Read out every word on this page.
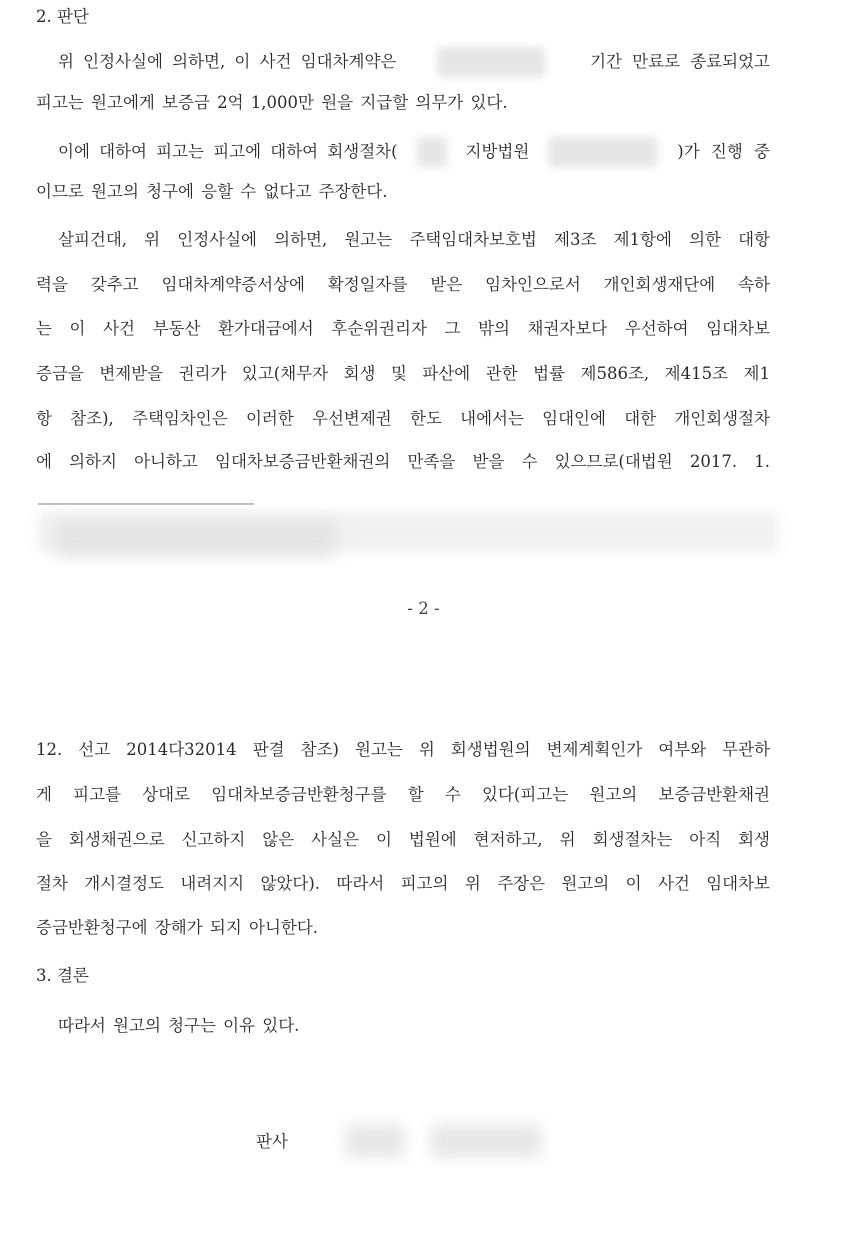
2. 판단
위 인정사실에 의하면, 이 사건 임대차계약은	기간 만료로 종료되었고
피고는 원고에게 보증금 2억 1,000만 원을 지급할 의무가 있다.
이에 대하여 피고는 피고에 대하여 회생절차(	지방법원	)가 진행 중
이므로 원고의 청구에 응할 수 없다고 주장한다.
살피건대, 위 인정사실에 의하면, 원고는 주택임대차보호법 제3조 제1항에 의한 대항
력을 갖추고 임대차계약증서상에 확정일자를 받은 임차인으로서 개인회생재단에 속하
는 이 사건 부동산 환가대금에서 후순위권리자 그 밖의 채권자보다 우선하여 임대차보
증금을 변제받을 권리가 있고(채무자 회생 및 파산에 관한 법률 제586조, 제415조 제1
항 참조), 주택임차인은 이러한 우선변제권 한도 내에서는 임대인에 대한 개인회생절차
에 의하지 아니하고 임대차보증금반환채권의 만족을 받을 수 있으므로(대법원 2017. 1.
- 2 -
12. 선고 2014다32014 판결 참조) 원고는 위 회생법원의 변제계획인가 여부와 무관하
게 피고를 상대로 임대차보증금반환청구를 할 수 있다(피고는 원고의 보증금반환채권
을 회생채권으로 신고하지 않은 사실은 이 법원에 현저하고, 위 회생절차는 아직 회생
절차 개시결정도 내려지지 않았다). 따라서 피고의 위 주장은 원고의 이 사건 임대차보
증금반환청구에 장해가 되지 아니한다.
3. 결론
따라서 원고의 청구는 이유 있다.
판사
